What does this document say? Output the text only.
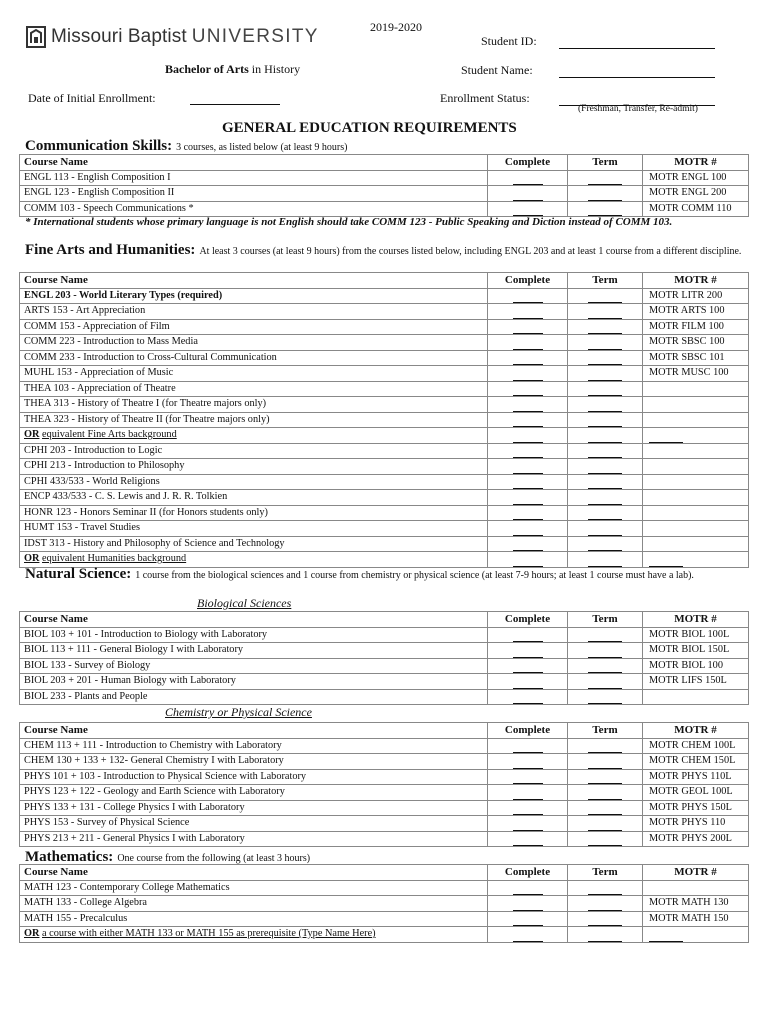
Missouri Baptist UNIVERSITY	2019-2020
Bachelor of Arts in History
Date of Initial Enrollment:
Student ID:
Student Name:
Enrollment Status:
(Freshman, Transfer, Re-admit)
GENERAL EDUCATION REQUIREMENTS
Communication Skills: 3 courses, as listed below (at least 9 hours)
Course Name	Complete	Term	MOTR #
ENGL 113 - English Composition I			MOTR ENGL 100
ENGL 123 - English Composition II			MOTR ENGL 200
COMM 103 - Speech Communications *			MOTR COMM 110
* International students whose primary language is not English should take COMM 123 - Public Speaking and Diction instead of COMM 103.
Fine Arts and Humanities: At least 3 courses (at least 9 hours) from the courses listed below, including ENGL 203 and at least 1 course from a different discipline.
Course Name	Complete	Term	MOTR #
ENGL 203 - World Literary Types (required)			MOTR LITR 200
ARTS 153 - Art Appreciation			MOTR ARTS 100
COMM 153 - Appreciation of Film			MOTR FILM 100
COMM 223 - Introduction to Mass Media			MOTR SBSC 100
COMM 233 - Introduction to Cross-Cultural Communication			MOTR SBSC 101
MUHL 153 - Appreciation of Music			MOTR MUSC 100
THEA 103 - Appreciation of Theatre			
THEA 313 - History of Theatre I (for Theatre majors only)			
THEA 323 - History of Theatre II (for Theatre majors only)			
OR equivalent Fine Arts background			
CPHI 203 - Introduction to Logic			
CPHI 213 - Introduction to Philosophy			
CPHI 433/533 - World Religions			
ENCP 433/533 - C. S. Lewis and J. R. R. Tolkien			
HONR 123 - Honors Seminar II (for Honors students only)			
HUMT 153 - Travel Studies			
IDST 313 - History and Philosophy of Science and Technology			
OR equivalent Humanities background			
Natural Science: 1 course from the biological sciences and 1 course from chemistry or physical science (at least 7-9 hours; at least 1 course must have a lab).
Biological Sciences
Course Name	Complete	Term	MOTR #
BIOL 103 + 101 - Introduction to Biology with Laboratory			MOTR BIOL 100L
BIOL 113 + 111 - General Biology I with Laboratory			MOTR BIOL 150L
BIOL 133 - Survey of Biology			MOTR BIOL 100
BIOL 203 + 201 - Human Biology with Laboratory			MOTR LIFS 150L
BIOL 233 - Plants and People			
Chemistry or Physical Science
Course Name	Complete	Term	MOTR #
CHEM 113 + 111 - Introduction to Chemistry with Laboratory			MOTR CHEM 100L
CHEM 130 + 133 + 132- General Chemistry I with Laboratory			MOTR CHEM 150L
PHYS 101 + 103 - Introduction to Physical Science with Laboratory			MOTR PHYS 110L
PHYS 123 + 122 - Geology and Earth Science with Laboratory			MOTR GEOL 100L
PHYS 133 + 131 - College Physics I with Laboratory			MOTR PHYS 150L
PHYS 153 - Survey of Physical Science			MOTR PHYS 110
PHYS 213 + 211 - General Physics I with Laboratory			MOTR PHYS 200L
Mathematics: One course from the following (at least 3 hours)
Course Name	Complete	Term	MOTR #
MATH 123 - Contemporary College Mathematics			
MATH 133 - College Algebra			MOTR MATH 130
MATH 155 - Precalculus			MOTR MATH 150
OR a course with either MATH 133 or MATH 155 as prerequisite (Type Name Here)			
